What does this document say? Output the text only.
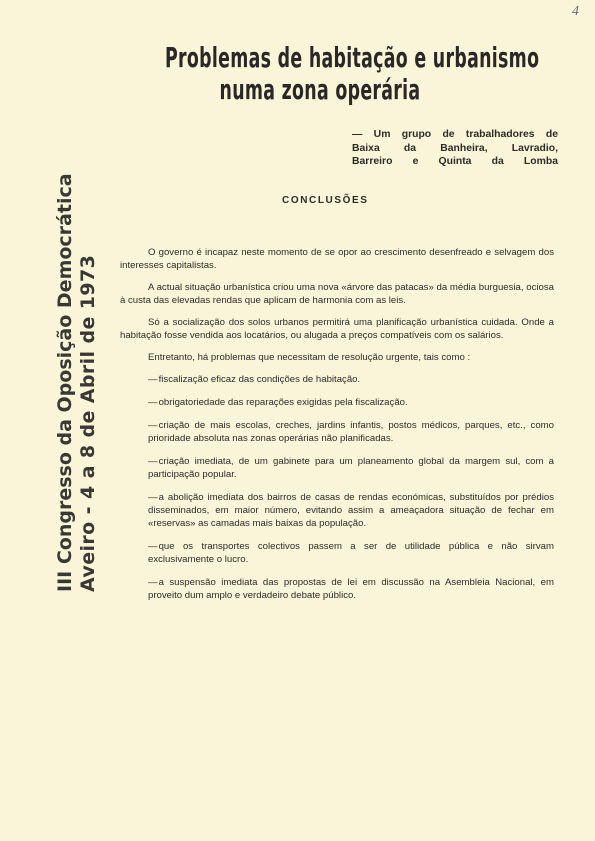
4
Problemas de habitação e urbanismo
numa zona operária
— Um grupo de trabalhadores de
Baixa da Banheira, Lavradio,
Barreiro e Quinta da Lomba
CONCLUSÕES
III Congresso da Oposição Democrática Aveiro - 4 a 8 de Abril de 1973

O governo é incapaz neste momento de se opor ao crescimento desenfreado e selvagem dos interesses capitalistas.

A actual situação urbanística criou uma nova «árvore das patacas» da média burguesia, ociosa à custa das elevadas rendas que aplicam de harmonia com as leis.

Só a socialização dos solos urbanos permitirá uma planificação urbanística cuidada. Onde a habitação fosse vendida aos locatários, ou alugada a preços compatíveis com os salários.

Entretanto, há problemas que necessitam de resolução urgente, tais como :

—fiscalização eficaz das condições de habitação.
—obrigatoriedade das reparações exigidas pela fiscalização.
—criação de mais escolas, creches, jardins infantis, postos médicos, parques, etc., como prioridade absoluta nas zonas operárias não planificadas.
—criação imediata, de um gabinete para um planeamento global da margem sul, com a participação popular.
—a abolição imediata dos bairros de casas de rendas económicas, substituídos por prédios disseminados, em maior número, evitando assim a ameaçadora situação de fechar em «reservas» as camadas mais baixas da população.
—que os transportes colectivos passem a ser de utilidade pública e não sirvam exclusivamente o lucro.
—a suspensão imediata das propostas de lei em discussão na Asembleia Nacional, em proveito dum amplo e verdadeiro debate público.
